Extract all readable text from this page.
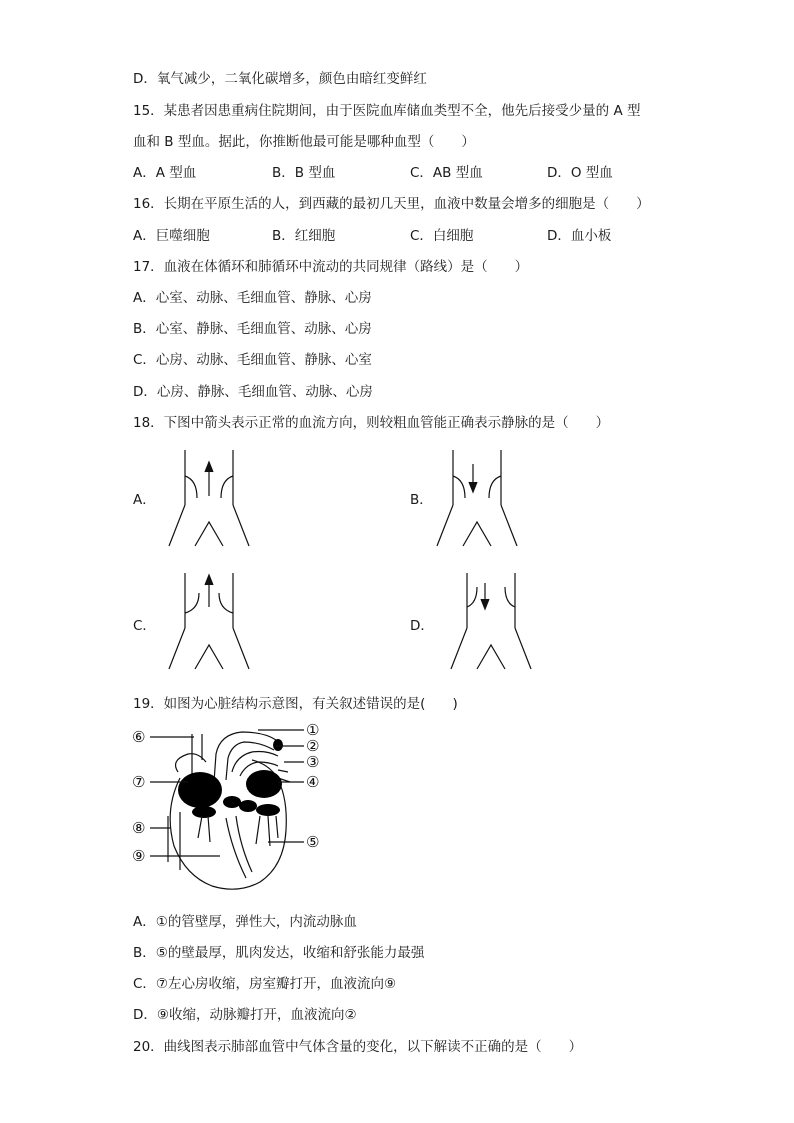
D．氧气减少，二氧化碳增多，颜色由暗红变鲜红
15．某患者因患重病住院期间，由于医院血库储血类型不全，他先后接受少量的 A 型
血和 B 型血。据此，你推断他最可能是哪种血型（　　）
A．A 型血	B．B 型血	C．AB 型血	D．O 型血
16．长期在平原生活的人，到西藏的最初几天里，血液中数量会增多的细胞是（　　）
A．巨噬细胞	B．红细胞	C．白细胞	D．血小板
17．血液在体循环和肺循环中流动的共同规律（路线）是（　　）
A．心室、动脉、毛细血管、静脉、心房
B．心室、静脉、毛细血管、动脉、心房
C．心房、动脉、毛细血管、静脉、心室
D．心房、静脉、毛细血管、动脉、心房
18．下图中箭头表示正常的血流方向，则较粗血管能正确表示静脉的是（　　）
A．	B．
C．	D．
19．如图为心脏结构示意图，有关叙述错误的是(　　)
①
②
③
④
⑤
⑥
⑦
⑧
⑨
A．①的管壁厚，弹性大，内流动脉血
B．⑤的壁最厚，肌肉发达，收缩和舒张能力最强
C．⑦左心房收缩，房室瓣打开，血液流向⑨
D．⑨收缩，动脉瓣打开，血液流向②
20．曲线图表示肺部血管中气体含量的变化，以下解读不正确的是（　　）
